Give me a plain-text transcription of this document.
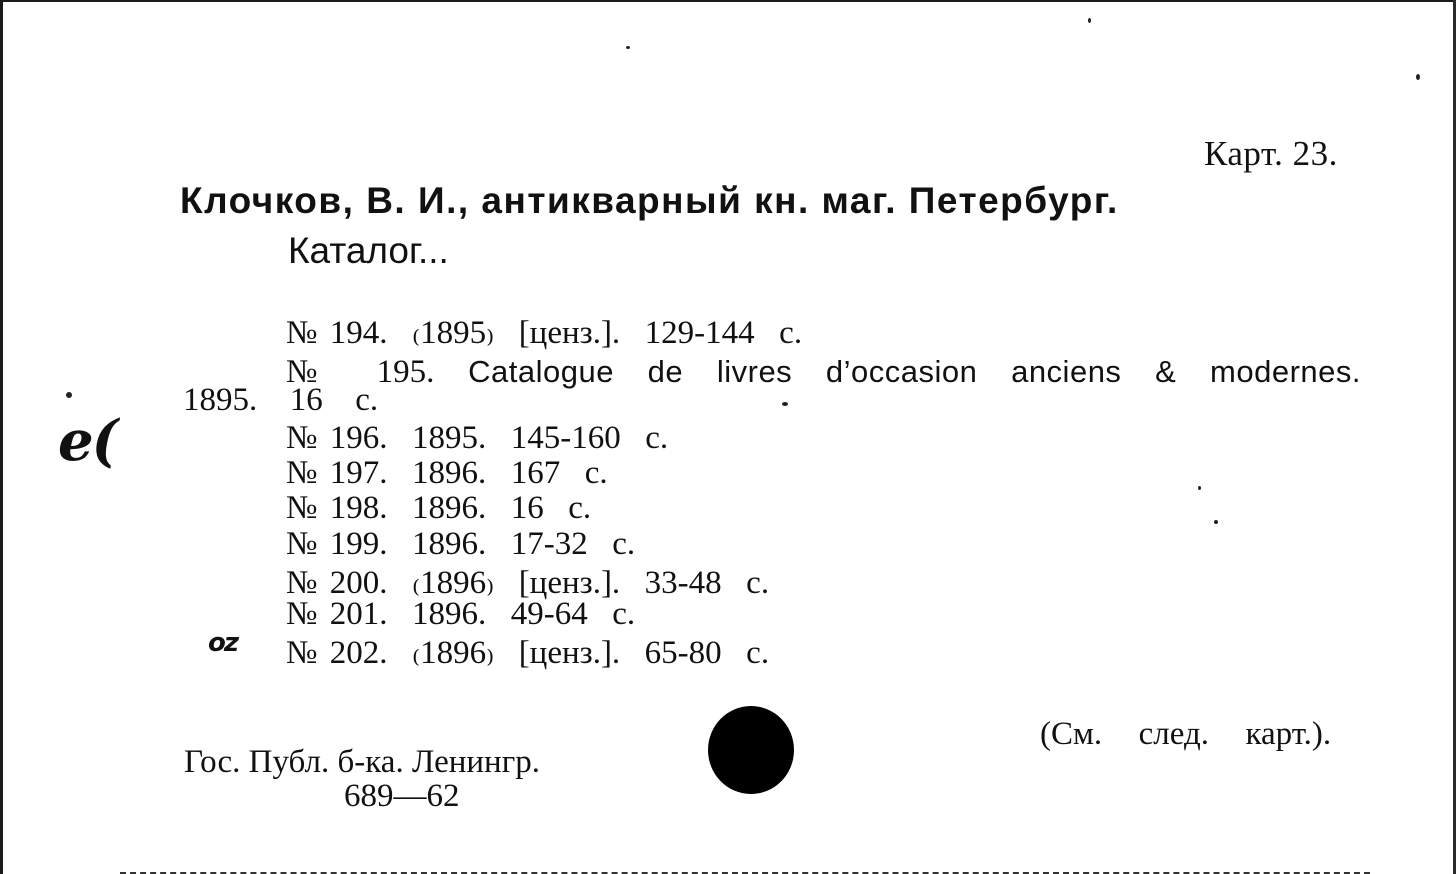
Карт. 23.
Клочков, В. И., антикварный кн. маг. Петербург.
Каталог...
№ 194.  ₍1895₎  [ценз.].  129-144  с.
№ 195. Catalogue de livres d’occasion anciens & modernes.
1895.  16  с.
№ 196.  1895.  145-160  с.
№ 197.  1896.  167  с.
№ 198.  1896.  16  с.
№ 199.  1896.  17-32  с.
№ 200.  ₍1896₎  [ценз.].  33-48  с.
№ 201.  1896.  49-64  с.
№ 202.  ₍1896₎  [ценз.].  65-80  с.
e(
oz
(См.  след.  карт.).
Гос. Публ. б-ка. Ленингр.
689—62
